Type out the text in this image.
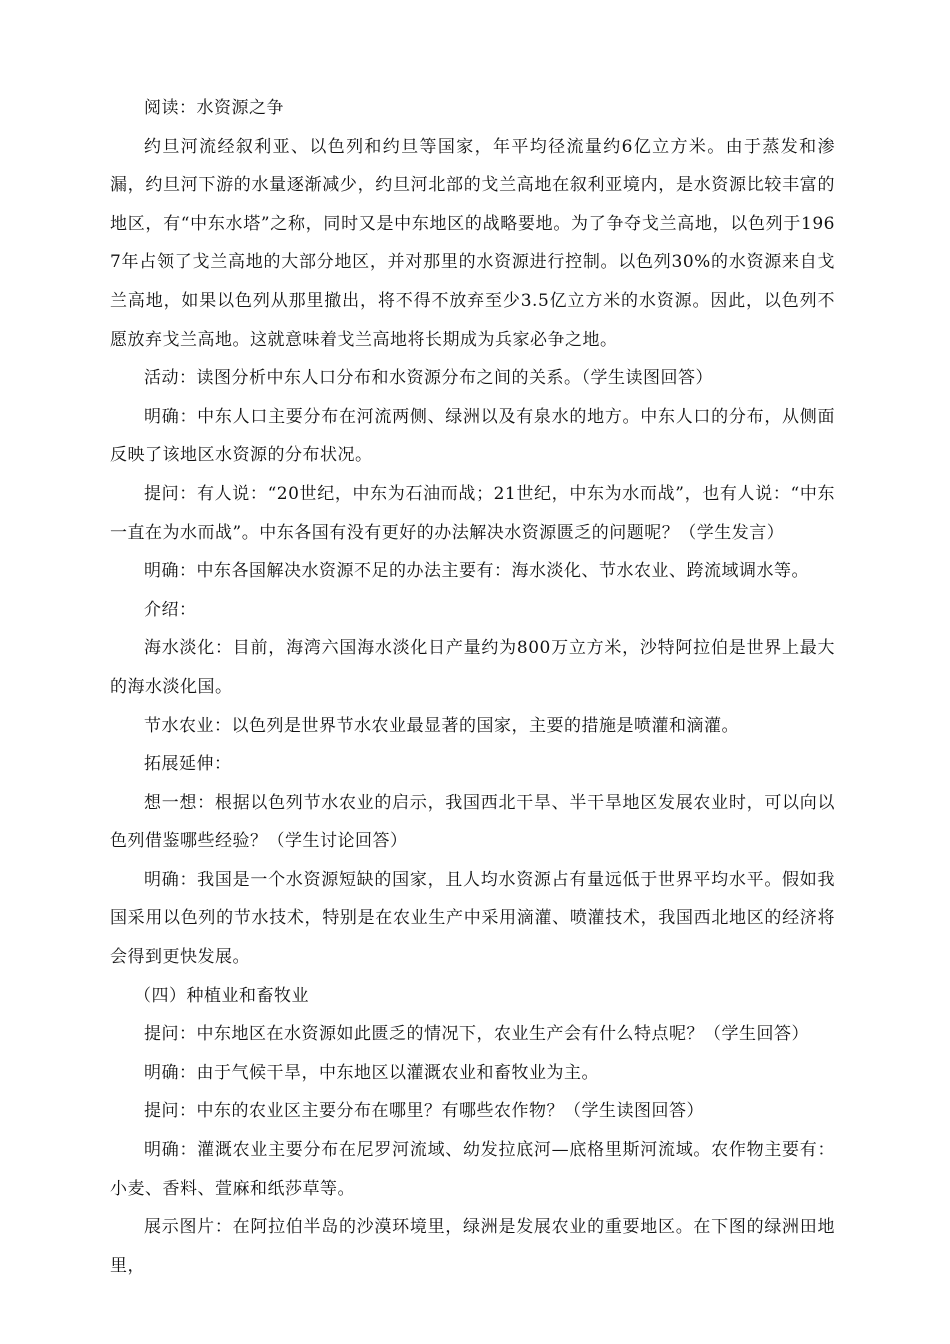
阅读：水资源之争

约旦河流经叙利亚、以色列和约旦等国家，年平均径流量约6亿立方米。由于蒸发和渗漏，约旦河下游的水量逐渐减少，约旦河北部的戈兰高地在叙利亚境内，是水资源比较丰富的地区，有“中东水塔”之称，同时又是中东地区的战略要地。为了争夺戈兰高地，以色列于1967年占领了戈兰高地的大部分地区，并对那里的水资源进行控制。以色列30%的水资源来自戈兰高地，如果以色列从那里撤出，将不得不放弃至少3.5亿立方米的水资源。因此，以色列不愿放弃戈兰高地。这就意味着戈兰高地将长期成为兵家必争之地。

活动：读图分析中东人口分布和水资源分布之间的关系。（学生读图回答）

明确：中东人口主要分布在河流两侧、绿洲以及有泉水的地方。中东人口的分布，从侧面反映了该地区水资源的分布状况。

提问：有人说：“20世纪，中东为石油而战；21世纪，中东为水而战”，也有人说：“中东一直在为水而战”。中东各国有没有更好的办法解决水资源匮乏的问题呢？（学生发言）

明确：中东各国解决水资源不足的办法主要有：海水淡化、节水农业、跨流域调水等。

介绍：

海水淡化：目前，海湾六国海水淡化日产量约为800万立方米，沙特阿拉伯是世界上最大的海水淡化国。

节水农业：以色列是世界节水农业最显著的国家，主要的措施是喷灌和滴灌。

拓展延伸：

想一想：根据以色列节水农业的启示，我国西北干旱、半干旱地区发展农业时，可以向以色列借鉴哪些经验？（学生讨论回答）

明确：我国是一个水资源短缺的国家，且人均水资源占有量远低于世界平均水平。假如我国采用以色列的节水技术，特别是在农业生产中采用滴灌、喷灌技术，我国西北地区的经济将会得到更快发展。

（四）种植业和畜牧业

提问：中东地区在水资源如此匮乏的情况下，农业生产会有什么特点呢？（学生回答）

明确：由于气候干旱，中东地区以灌溉农业和畜牧业为主。

提问：中东的农业区主要分布在哪里？有哪些农作物？（学生读图回答）

明确：灌溉农业主要分布在尼罗河流域、幼发拉底河—底格里斯河流域。农作物主要有：小麦、香料、萱麻和纸莎草等。

展示图片：在阿拉伯半岛的沙漠环境里，绿洲是发展农业的重要地区。在下图的绿洲田地里，
